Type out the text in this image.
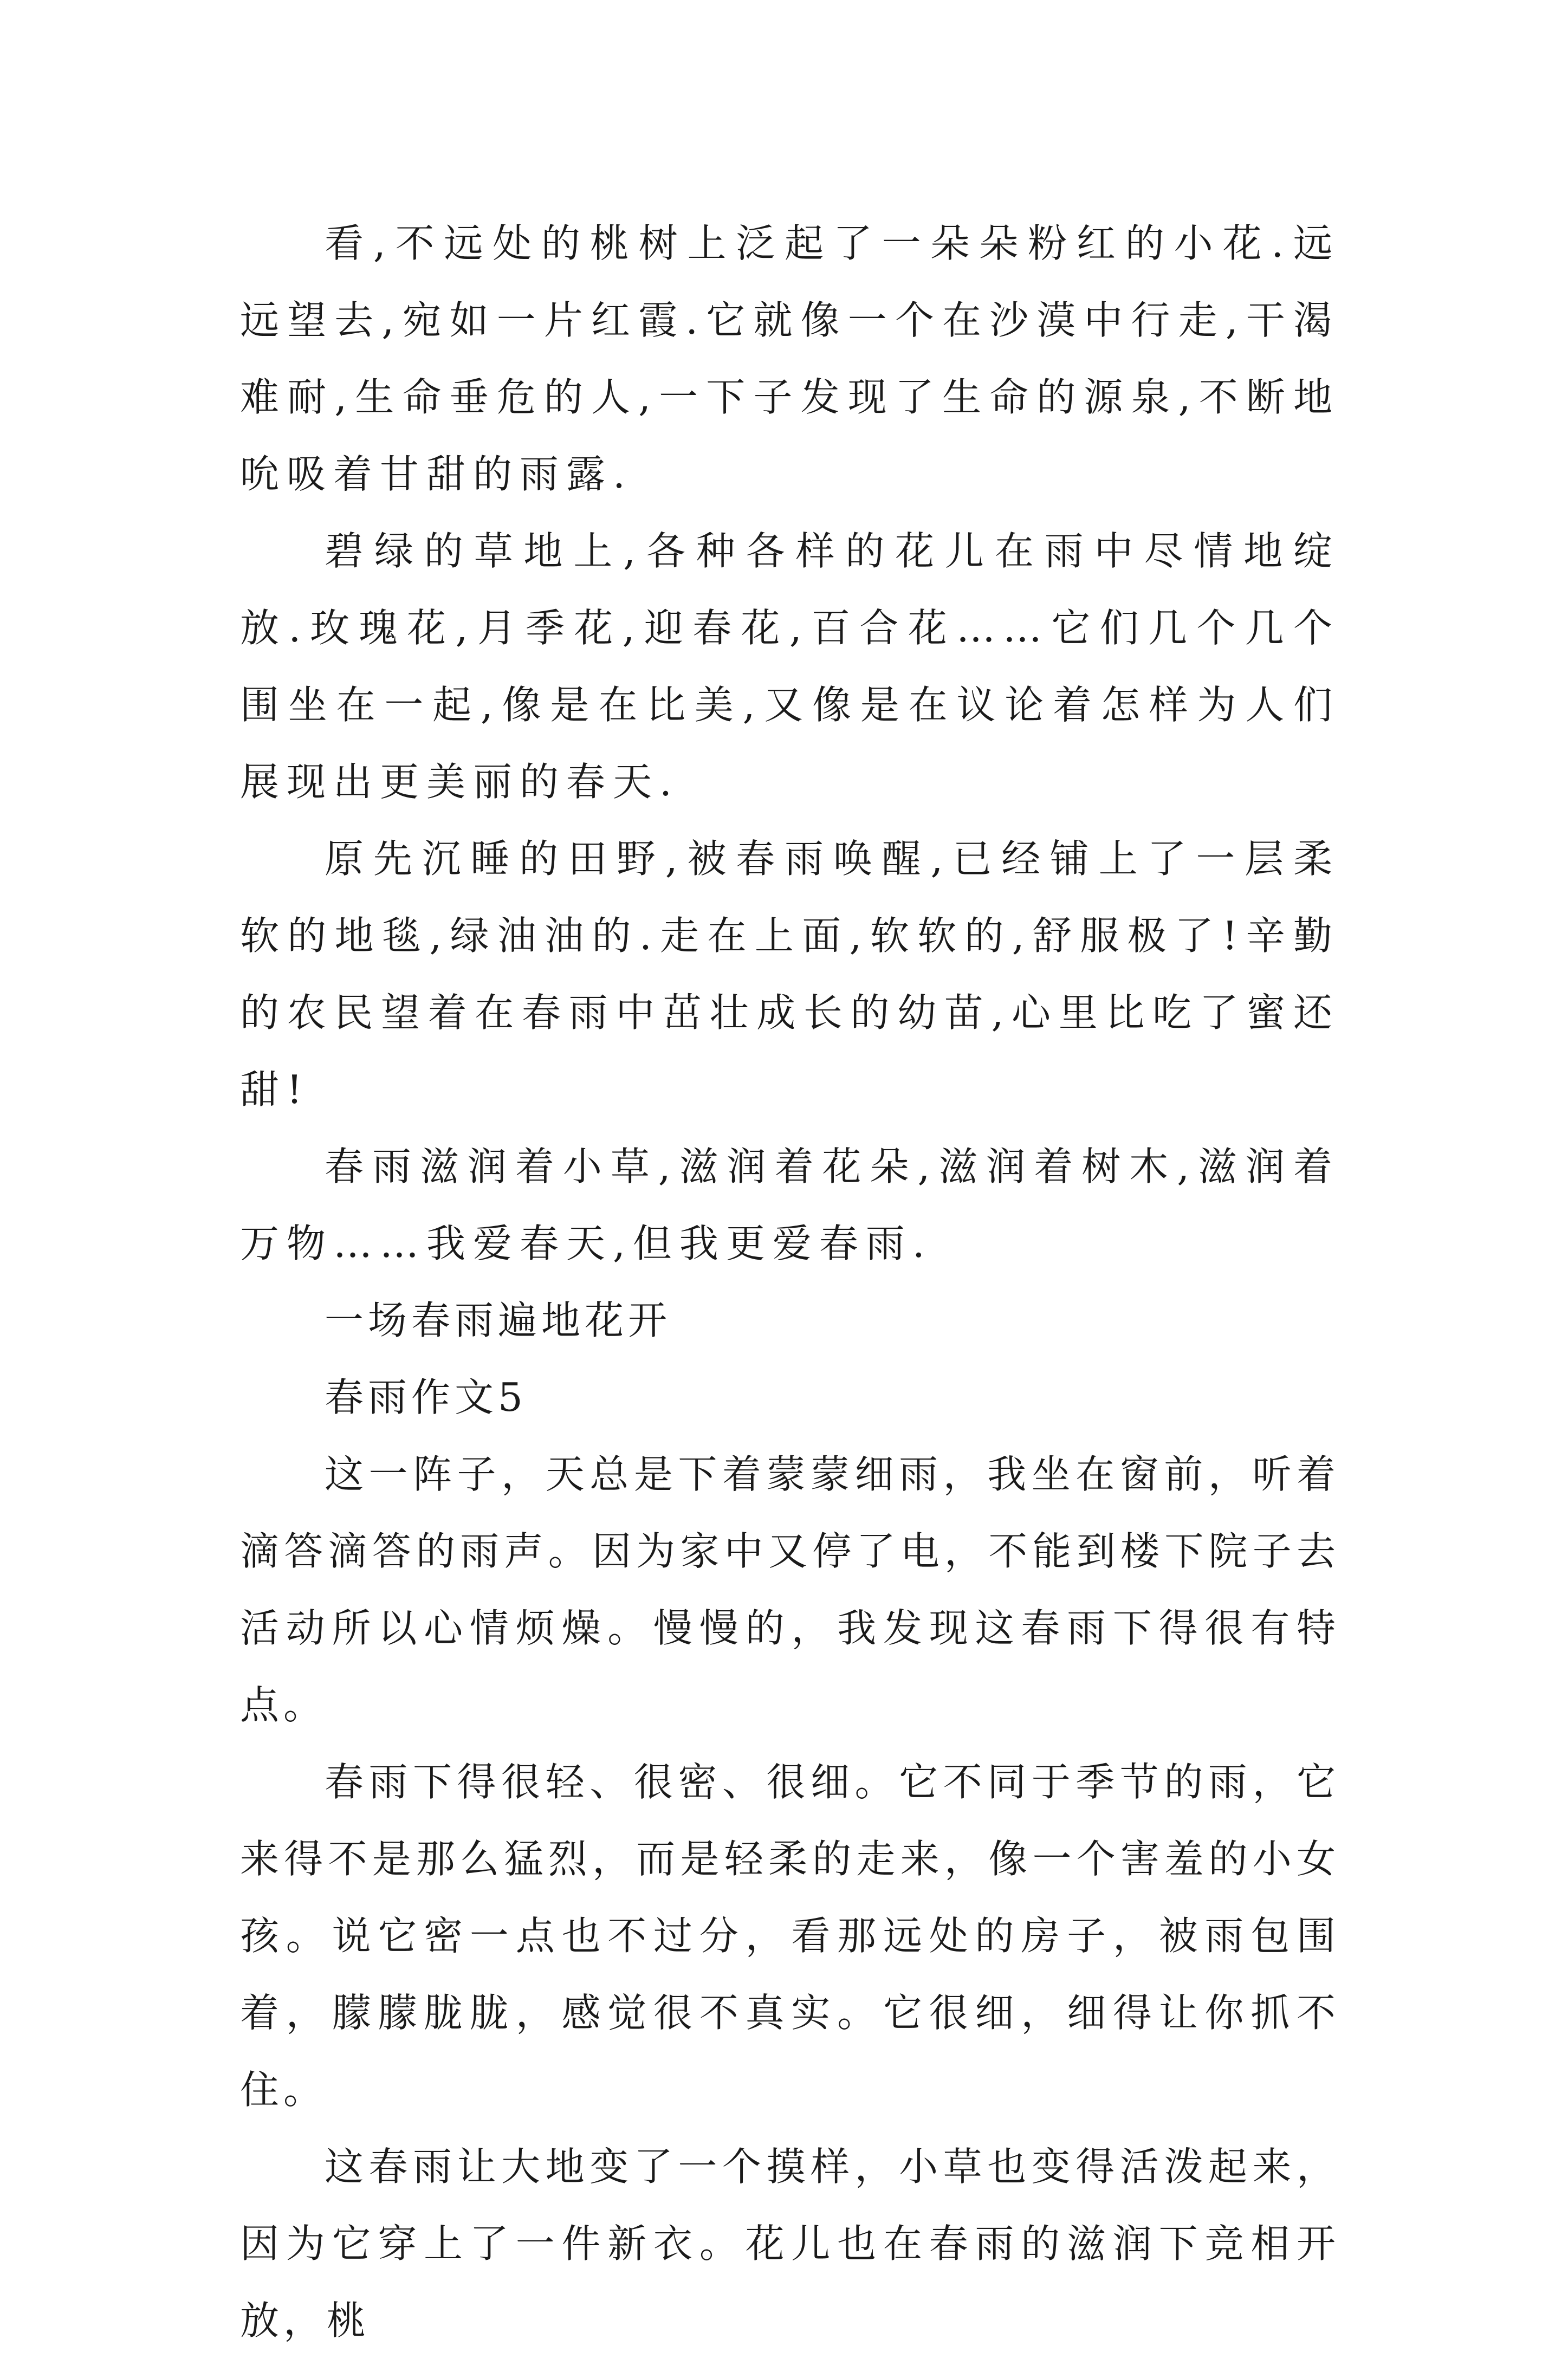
看,不远处的桃树上泛起了一朵朵粉红的小花.远远望去,宛如一片红霞.它就像一个在沙漠中行走,干渴难耐,生命垂危的人,一下子发现了生命的源泉,不断地吮吸着甘甜的雨露.

碧绿的草地上,各种各样的花儿在雨中尽情地绽放.玫瑰花,月季花,迎春花,百合花……它们几个几个围坐在一起,像是在比美,又像是在议论着怎样为人们展现出更美丽的春天.

原先沉睡的田野,被春雨唤醒,已经铺上了一层柔软的地毯,绿油油的.走在上面,软软的,舒服极了!辛勤的农民望着在春雨中茁壮成长的幼苗,心里比吃了蜜还甜!

春雨滋润着小草,滋润着花朵,滋润着树木,滋润着万物……我爱春天,但我更爱春雨.

一场春雨遍地花开

春雨作文5

这一阵子，天总是下着蒙蒙细雨，我坐在窗前，听着滴答滴答的雨声。因为家中又停了电，不能到楼下院子去活动所以心情烦燥。慢慢的，我发现这春雨下得很有特点。

春雨下得很轻、很密、很细。它不同于季节的雨，它来得不是那么猛烈，而是轻柔的走来，像一个害羞的小女孩。说它密一点也不过分，看那远处的房子，被雨包围着，朦朦胧胧，感觉很不真实。它很细，细得让你抓不住。

这春雨让大地变了一个摸样，小草也变得活泼起来，因为它穿上了一件新衣。花儿也在春雨的滋润下竞相开放，桃
